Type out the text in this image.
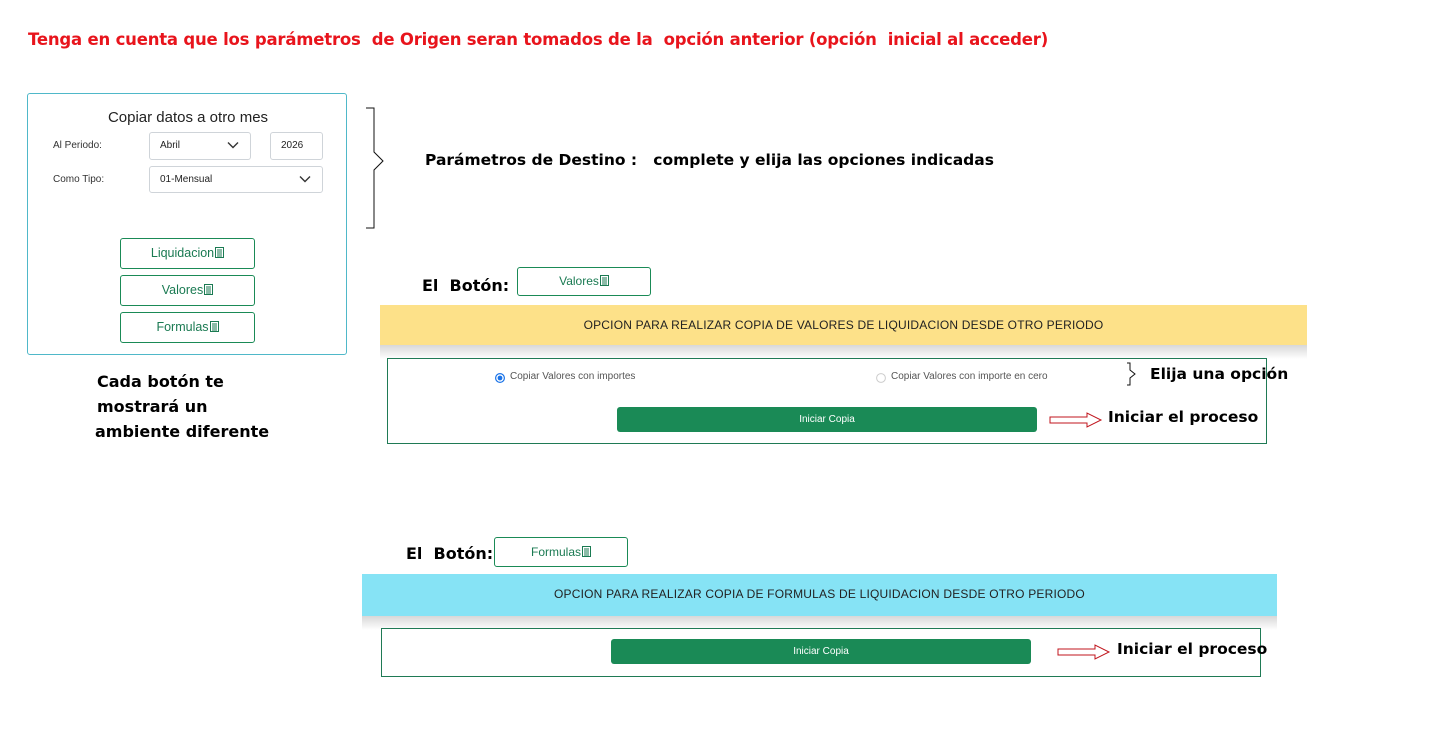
Tenga en cuenta que los parámetros  de Origen seran tomados de la  opción anterior (opción  inicial al acceder)
Copiar datos a otro mes
Al Periodo:	Abril	2026
Como Tipo:	01-Mensual
Liquidacion
Valores
Formulas
Cada botón te
mostrará un
ambiente diferente
Parámetros de Destino :   complete y elija las opciones indicadas
El  Botón:	Valores
OPCION PARA REALIZAR COPIA DE VALORES DE LIQUIDACION DESDE OTRO PERIODO
Copiar Valores con importes	Copiar Valores con importe en cero
Iniciar Copia
Elija una opción
Iniciar el proceso
El  Botón:	Formulas
OPCION PARA REALIZAR COPIA DE FORMULAS DE LIQUIDACION DESDE OTRO PERIODO
Iniciar Copia	Iniciar el proceso
